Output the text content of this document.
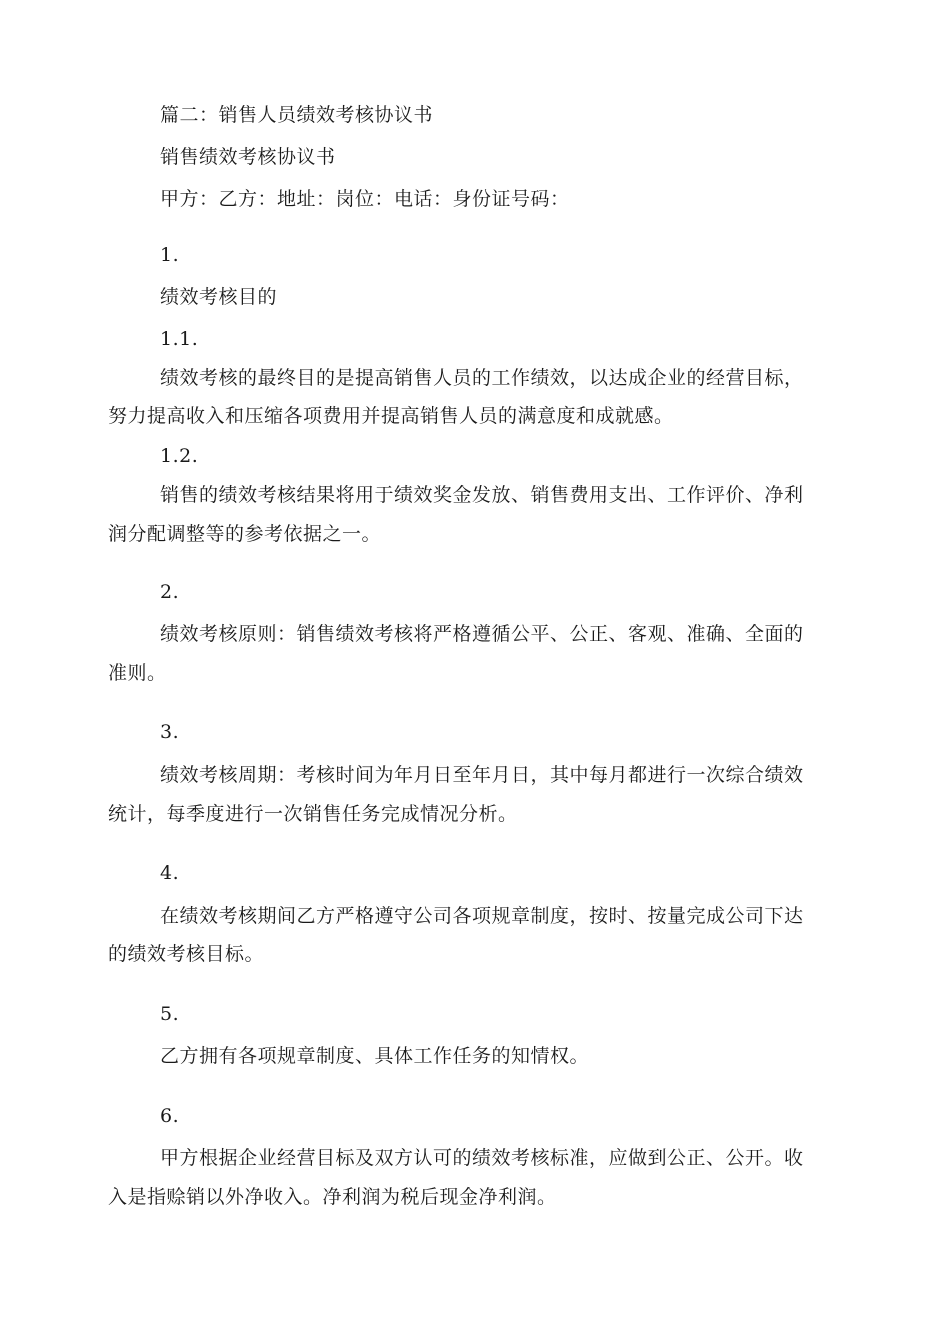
篇二：销售人员绩效考核协议书
销售绩效考核协议书
甲方：乙方：地址：岗位：电话：身份证号码：
1.
绩效考核目的
1.1.
绩效考核的最终目的是提高销售人员的工作绩效，以达成企业的经营目标，
努力提高收入和压缩各项费用并提高销售人员的满意度和成就感。
1.2.
销售的绩效考核结果将用于绩效奖金发放、销售费用支出、工作评价、净利
润分配调整等的参考依据之一。
2.
绩效考核原则：销售绩效考核将严格遵循公平、公正、客观、准确、全面的
准则。
3.
绩效考核周期：考核时间为年月日至年月日，其中每月都进行一次综合绩效
统计，每季度进行一次销售任务完成情况分析。
4.
在绩效考核期间乙方严格遵守公司各项规章制度，按时、按量完成公司下达
的绩效考核目标。
5.
乙方拥有各项规章制度、具体工作任务的知情权。
6.
甲方根据企业经营目标及双方认可的绩效考核标准，应做到公正、公开。收
入是指赊销以外净收入。净利润为税后现金净利润。
